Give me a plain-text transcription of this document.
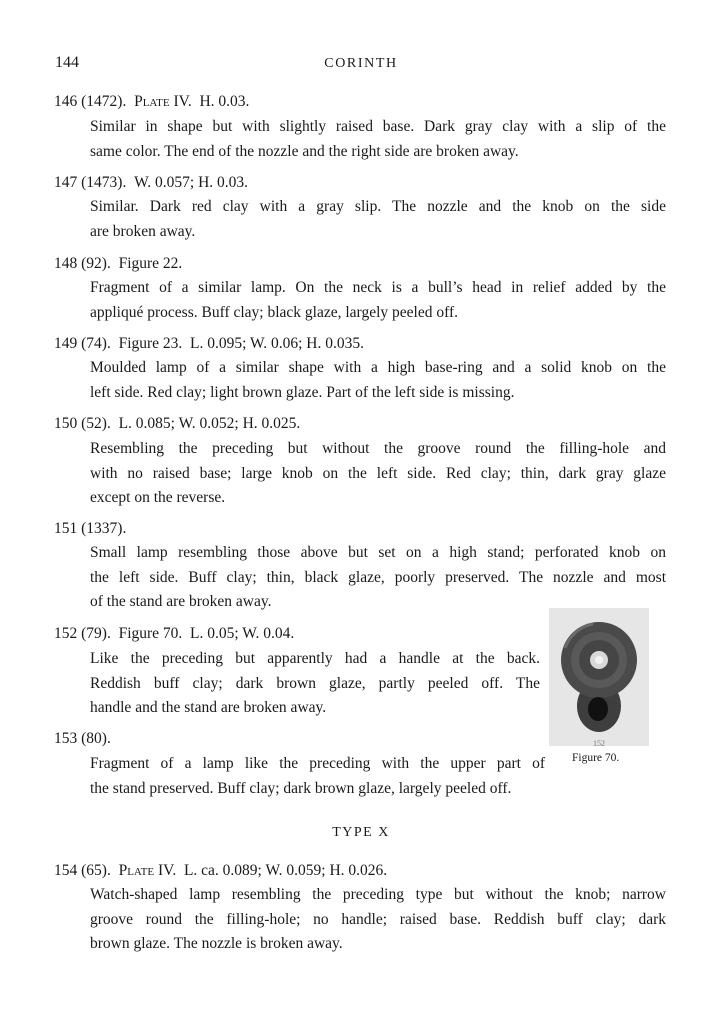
144	CORINTH
146 (1472). Plate IV. H. 0.03.
Similar in shape but with slightly raised base. Dark gray clay with a slip of the
same color. The end of the nozzle and the right side are broken away.
147 (1473). W. 0.057; H. 0.03.
Similar. Dark red clay with a gray slip. The nozzle and the knob on the side
are broken away.
148 (92). Figure 22.
Fragment of a similar lamp. On the neck is a bull’s head in relief added by the
appliqué process. Buff clay; black glaze, largely peeled off.
149 (74). Figure 23. L. 0.095; W. 0.06; H. 0.035.
Moulded lamp of a similar shape with a high base-ring and a solid knob on the
left side. Red clay; light brown glaze. Part of the left side is missing.
150 (52). L. 0.085; W. 0.052; H. 0.025.
Resembling the preceding but without the groove round the filling-hole and
with no raised base; large knob on the left side. Red clay; thin, dark gray glaze
except on the reverse.
151 (1337).
Small lamp resembling those above but set on a high stand; perforated knob on
the left side. Buff clay; thin, black glaze, poorly preserved. The nozzle and most
of the stand are broken away.
152 (79). Figure 70. L. 0.05; W. 0.04.
Like the preceding but apparently had a handle at the back.
Reddish buff clay; dark brown glaze, partly peeled off. The
handle and the stand are broken away.
153 (80).
Fragment of a lamp like the preceding with the upper part of
the stand preserved. Buff clay; dark brown glaze, largely peeled off.
152
Figure 70.
TYPE X
154 (65). Plate IV. L. ca. 0.089; W. 0.059; H. 0.026.
Watch-shaped lamp resembling the preceding type but without the knob; narrow
groove round the filling-hole; no handle; raised base. Reddish buff clay; dark
brown glaze. The nozzle is broken away.
